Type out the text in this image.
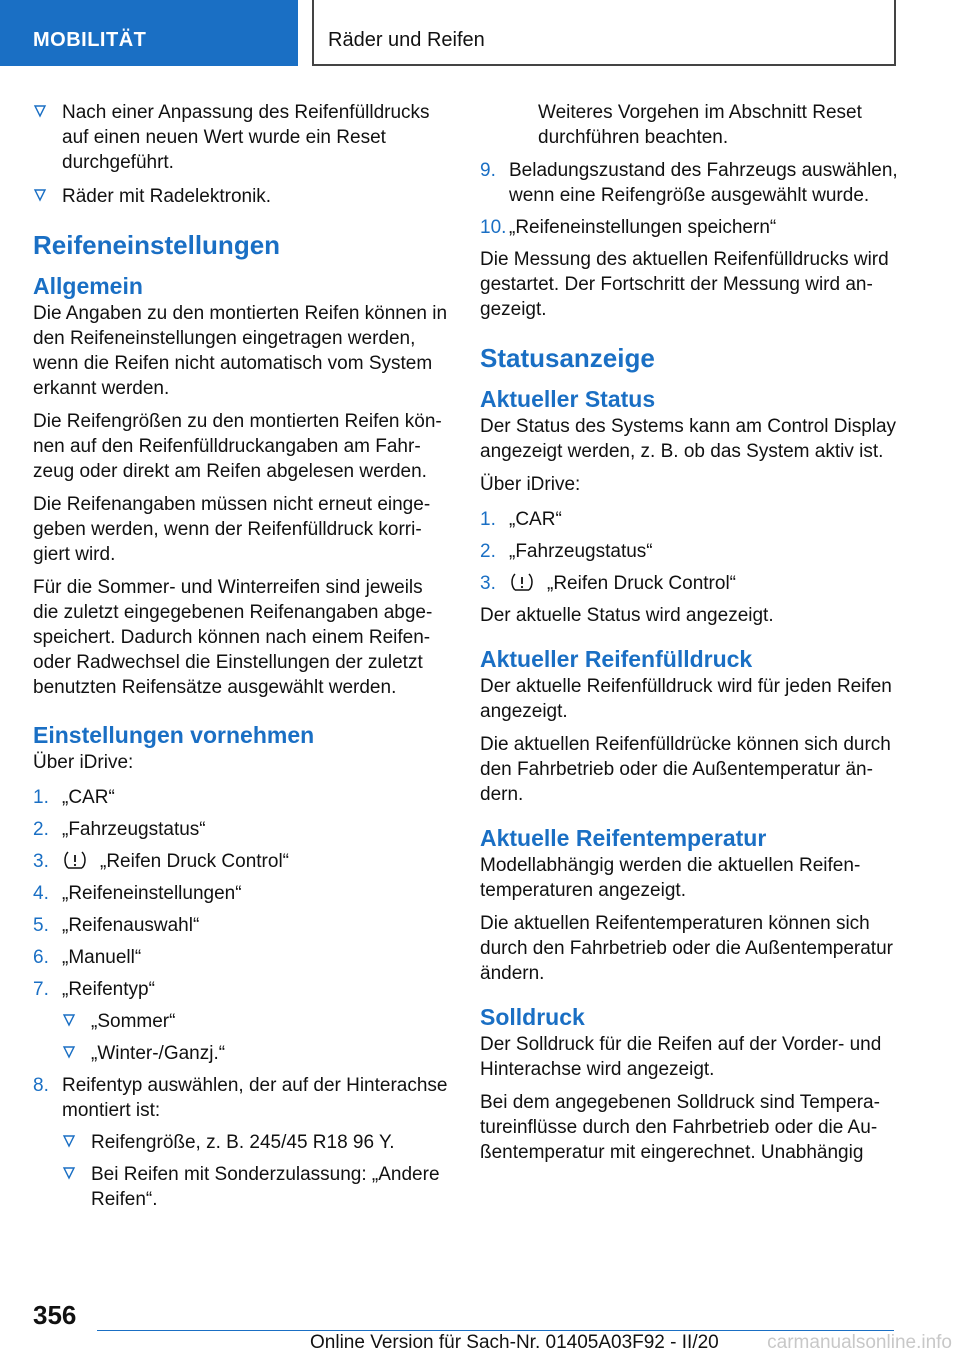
MOBILITÄT	Räder und Reifen
Nach einer Anpassung des Reifenfülldrucks auf einen neuen Wert wurde ein Reset durchgeführt.
Räder mit Radelektronik.
Reifeneinstellungen
Allgemein

Die Angaben zu den montierten Reifen können in den Reifeneinstellungen eingetragen werden, wenn die Reifen nicht automatisch vom System erkannt werden.

Die Reifengrößen zu den montierten Reifen können auf den Reifenfülldruckangaben am Fahrzeug oder direkt am Reifen abgelesen werden.

Die Reifenangaben müssen nicht erneut eingegeben werden, wenn der Reifenfülldruck korrigiert wird.

Für die Sommer- und Winterreifen sind jeweils die zuletzt eingegebenen Reifenangaben abgespeichert. Dadurch können nach einem Reifen- oder Radwechsel die Einstellungen der zuletzt benutzten Reifensätze ausgewählt werden.

Einstellungen vornehmen

Über iDrive:

1. „CAR“
2. „Fahrzeugstatus“
3.	„Reifen Druck Control“
4. „Reifeneinstellungen“
5. „Reifenauswahl“
6. „Manuell“
7. „Reifentyp“
„Sommer“
„Winter-/Ganzj.“
8. Reifentyp auswählen, der auf der Hinterachse montiert ist:
Reifengröße, z. B. 245/45 R18 96 Y.
Bei Reifen mit Sonderzulassung: „Andere Reifen“.

Weiteres Vorgehen im Abschnitt Reset durchführen beachten.

9. Beladungszustand des Fahrzeugs auswählen, wenn eine Reifengröße ausgewählt wurde.
10. „Reifeneinstellungen speichern“

Die Messung des aktuellen Reifenfülldrucks wird gestartet. Der Fortschritt der Messung wird angezeigt.

Statusanzeige
Aktueller Status

Der Status des Systems kann am Control Display angezeigt werden, z. B. ob das System aktiv ist.

Über iDrive:

1. „CAR“
2. „Fahrzeugstatus“
3.	„Reifen Druck Control“

Der aktuelle Status wird angezeigt.

Aktueller Reifenfülldruck

Der aktuelle Reifenfülldruck wird für jeden Reifen angezeigt.

Die aktuellen Reifenfülldrücke können sich durch den Fahrbetrieb oder die Außentemperatur ändern.

Aktuelle Reifentemperatur

Modellabhängig werden die aktuellen Reifentemperaturen angezeigt.

Die aktuellen Reifentemperaturen können sich durch den Fahrbetrieb oder die Außentemperatur ändern.

Solldruck

Der Solldruck für die Reifen auf der Vorder- und Hinterachse wird angezeigt.

Bei dem angegebenen Solldruck sind Temperatureinflüsse durch den Fahrbetrieb oder die Außentemperatur mit eingerechnet. Unabhängig

356
Online Version für Sach-Nr. 01405A03F92 - II/20	carmanualsonline.info
